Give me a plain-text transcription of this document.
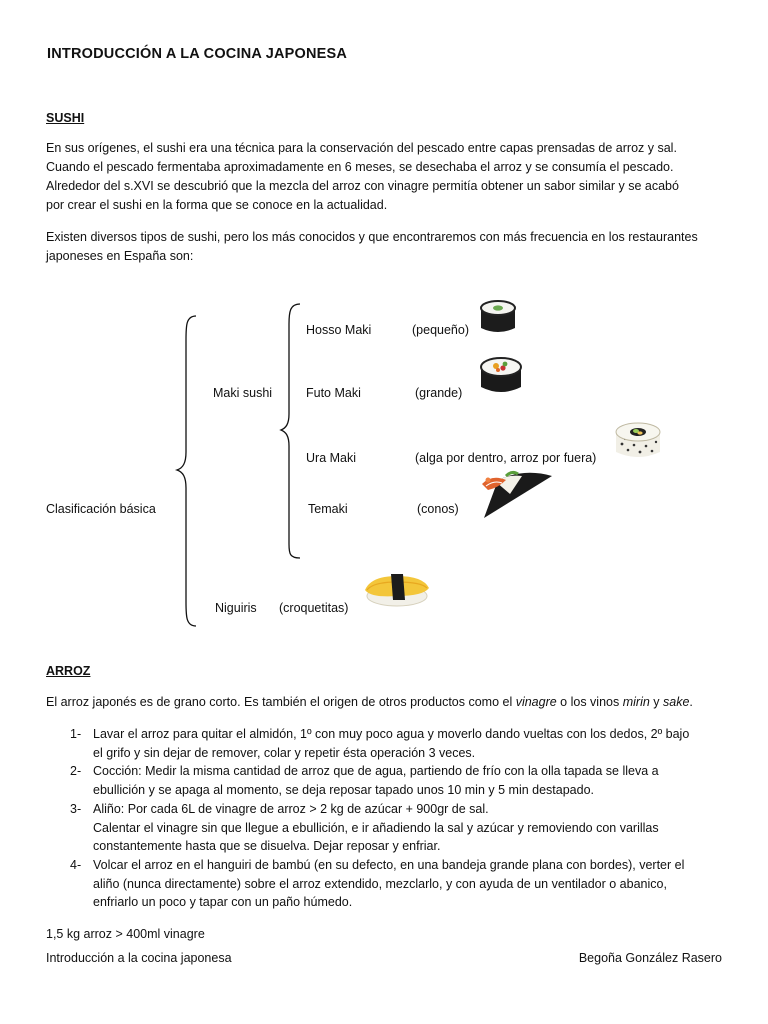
INTRODUCCIÓN A LA COCINA JAPONESA
SUSHI

En sus orígenes, el sushi era una técnica para la conservación del pescado entre capas prensadas de arroz y sal.

Cuando el pescado fermentaba aproximadamente en 6 meses, se desechaba el arroz y se consumía el pescado.

Alrededor del s.XVI se descubrió que la mezcla del arroz con vinagre permitía obtener un sabor similar y se acabó

por crear el sushi en la forma que se conoce en la actualidad.

Existen diversos tipos de sushi, pero los más conocidos y que encontraremos con más frecuencia en los restaurantes

japoneses en España son:

Clasificación básica
Maki sushi
Hosso Maki	(pequeño)
Futo Maki	(grande)
Ura Maki	(alga por dentro, arroz por fuera)
Temaki	(conos)
Niguiris (croquetitas)
ARROZ
El arroz japonés es de grano corto. Es también el origen de otros productos como el vinagre o los vinos mirin y sake.
1- Lavar el arroz para quitar el almidón, 1º con muy poco agua y moverlo dando vueltas con los dedos, 2º bajo
el grifo y sin dejar de remover, colar y repetir ésta operación 3 veces.
2- Cocción: Medir la misma cantidad de arroz que de agua, partiendo de frío con la olla tapada se lleva a
ebullición y se apaga al momento, se deja reposar tapado unos 10 min y 5 min destapado.
3- Aliño: Por cada 6L de vinagre de arroz > 2 kg de azúcar + 900gr de sal.
Calentar el vinagre sin que llegue a ebullición, e ir añadiendo la sal y azúcar y removiendo con varillas
constantemente hasta que se disuelva. Dejar reposar y enfriar.
4- Volcar el arroz en el hanguiri de bambú (en su defecto, en una bandeja grande plana con bordes), verter el
aliño (nunca directamente) sobre el arroz extendido, mezclarlo, y con ayuda de un ventilador o abanico,
enfriarlo un poco y tapar con un paño húmedo.
1,5 kg arroz > 400ml vinagre
Introducción a la cocina japonesa	Begoña González Rasero
